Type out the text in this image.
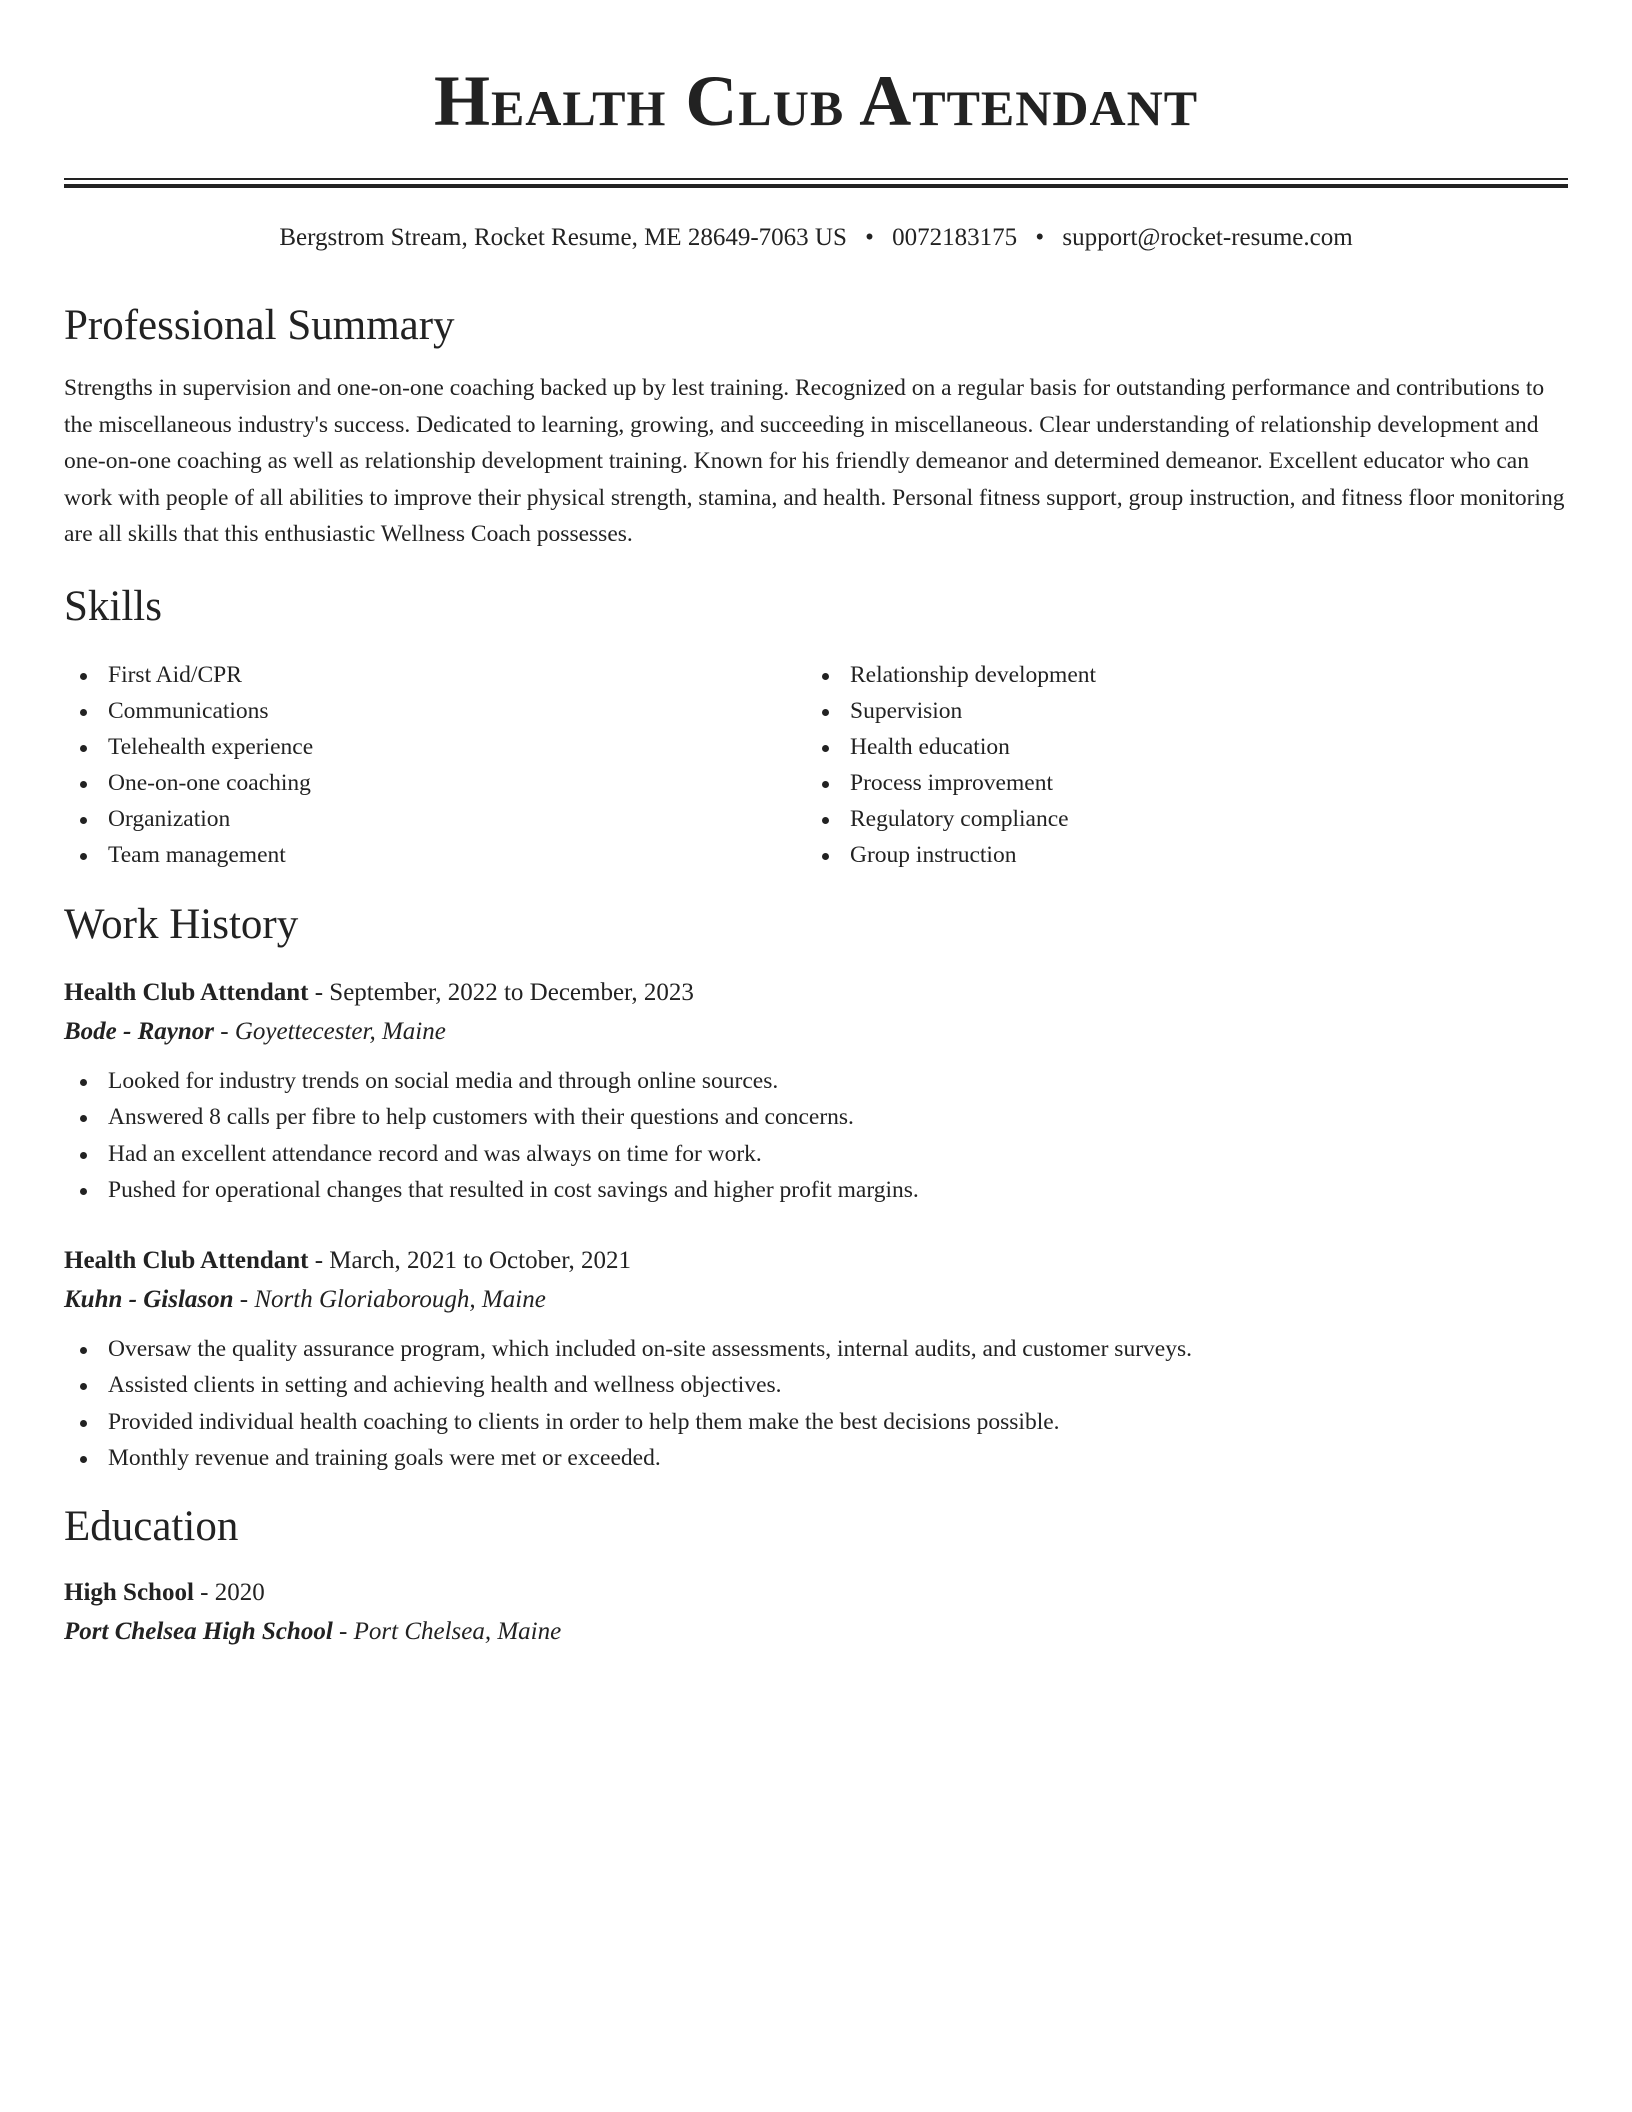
Health Club Attendant
Bergstrom Stream, Rocket Resume, ME 28649-7063 US • 0072183175 • support@rocket-resume.com
Professional Summary

Strengths in supervision and one-on-one coaching backed up by lest training. Recognized on a regular basis for outstanding performance and contributions to the miscellaneous industry's success. Dedicated to learning, growing, and succeeding in miscellaneous. Clear understanding of relationship development and one-on-one coaching as well as relationship development training. Known for his friendly demeanor and determined demeanor. Excellent educator who can work with people of all abilities to improve their physical strength, stamina, and health. Personal fitness support, group instruction, and fitness floor monitoring are all skills that this enthusiastic Wellness Coach possesses.

Skills
First Aid/CPR
Communications
Telehealth experience
One-on-one coaching
Organization
Team management
Relationship development
Supervision
Health education
Process improvement
Regulatory compliance
Group instruction
Work History
Health Club Attendant - September, 2022 to December, 2023
Bode - Raynor - Goyettecester, Maine
Looked for industry trends on social media and through online sources.
Answered 8 calls per fibre to help customers with their questions and concerns.
Had an excellent attendance record and was always on time for work.
Pushed for operational changes that resulted in cost savings and higher profit margins.
Health Club Attendant - March, 2021 to October, 2021
Kuhn - Gislason - North Gloriaborough, Maine
Oversaw the quality assurance program, which included on-site assessments, internal audits, and customer surveys.
Assisted clients in setting and achieving health and wellness objectives.
Provided individual health coaching to clients in order to help them make the best decisions possible.
Monthly revenue and training goals were met or exceeded.
Education
High School - 2020
Port Chelsea High School - Port Chelsea, Maine
